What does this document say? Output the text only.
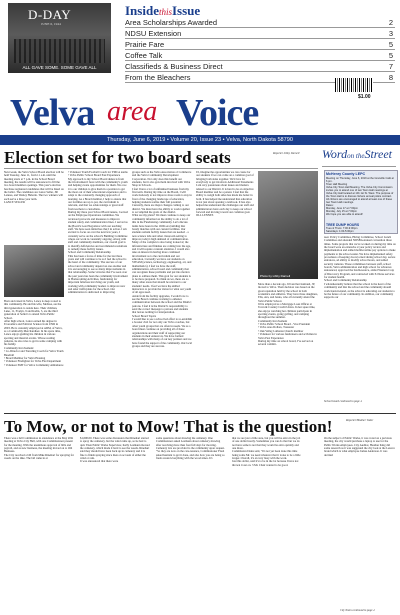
D-DAY
JUNE 6, 1944
ALL GAVE SOME. SOME GAVE ALL
InsidethisIssue
Area Scholarships Awarded	2
NDSU Extension	3
Prairie Fare	5
Coffee Talk	5
Classifieds & Business Direct	7
From the Bleachers	8
$1.00
Velva area Voice
Thursday, June 6, 2019 • Volume 20, Issue 23 • Velva, North Dakota 58790
Election set for two board seats	Reporter Libby Darnell
Next week, the Velva School Board election will be held Tuesday, June 11, from 11 a.m. until the meeting starts at 7 p.m. in the School Board meeting, the results will be announced to fill the two board member openings. This year's election has three registered candidates that will be listed on the ballot. The candidates are Lance Seller, Jill Lennes, and Wesley Haberle. The two winners will each serve a three year term.
LANCE SELLER
Born and raised in Velva, Lance is deep rooted to this community. He and his wife, Melissa, are the third generation to reside here. Their children, Luke, 11, Evelyn, 9 and Kadin, 3, are the third generation of Seller's to attend Velva Public School.
After high school, Lance earned his degree in Economics and Political Science from UND in 2003. He is currently employed at ADM, of Velva, as a Commodity Merchandiser. In his spare time, Lance enjoys guiding his children in various sporting and musical events. Whose reading patterns, he also tries to get in some camping with his family.
Community Involvement:
• Co-Director and Traveling Coach for Velva Youth Baseball
• Board Member for Velva Housing
• Volunteer Firefighter for Velva Fire Department
• Volunteer EMT for Velva Community Ambulance
• Volunteer Youth Football Coach for YMCA teams
• Velva Public School Board Past Experience
My approach to my School Board duties is from the involvement I have with the community's youth and helping create opportunities for them. We owe it to our children to give them in a position to get the most out of their educational experience and to adapt to the constantly changing approach of learning. As a Board member, I help to ensure that our facilities are up to par, the curriculum is relevant, and that we acknowledge or great staff from teachers to custodians.
During my three year School Board tenure, I served on the Employee Operations committee. We reviewed protocols and measures to improve student safety and communication lines. I served as the Board's Lead Negotiator with our teaching staff. We have seen initiatives that I in action. I am excited to focus on over the next few years, I currently serve on the school's Building Committee where our work is constantly ongoing. Along with staff and community members, our overall goal is to identify deficiencies and recommend resolutions to remedy these facility issues.
School and Community Relationship
This has been a focus of mine for the last three years and will continue to be as I feel the school is the heart of the community. The success of our school and community depend on one another and it is encouraging to see so many improvements in that relationship. Some victories that I've seen over the past years has been the community involvement in Homecoming Activities, fundraising for important fabulous involving our youth, and working with community leaders to improve new and safer trafficplans for the school. Our administration is dedicated to improving
groups such as the Velva Association of Commerce and the Velva Community Development Corporation. Not only does this benefit our students, but it also gets them involved with Velva Shop in Schools.
I feel I have a lot of unfinished business from my first term. During my time on the Board, I will work tirelessly to not improve more roads to stay in front of the changing landscape of education, helping students realize their full potential. Currently, there are major changes coming to our district. We must have the ability to work together to accomplish the goals of the district.
What are my plans? We must continue to keep our community informed on the ability to do a lot of this in the Fundraising community. Let's discuss items have been in the 1920s era building that barely matches with our current facilities. Our students remain facility issues that are needed - a new science labs and other classroom setting to improve today's high demand of communication. Many of the complex is also being looked at; the infrastructure and finishes are coming into the age, and it will require constant attention. I would also take an interest in having more continued involvement as to the curriculum and our education. Currently we have our students on STEAM (science, technology, engineering, art, and mathematics). I feel we have the staff, administration, school board and community that can recognize these problems and put into motion plans to address them. This goal for our students is to be more prepared. So think us we, there are so many other areas that should be relevant to our students' needs. I feel we have the skilled instructors to provide the vision for what our youth of all ages need.
Aside from the facility upgrades, I would love to see the Board continue working to enhance communication between the school and the District patrons. I feel it is the District's responsibility to send the correct message to patrons and students that leaves nothing for interpretation.
School Board Topics
I would like to see a school led effort to re-establish a booster club for not only our Velva coaches, but other youth groups that are often in needs. We as a board must continue on providing all of these organizations and their staff of supporting our students in their endeavors. We have formed relationships with many of our key partners and we have found the support of the community. Our local groups and they are success.
I'd, imagine the opportunities we can create for our students if we can come on a common goal of bringing both sides together. We'd love for everybody to get involved. Additional Statements
I am very passionate about issues and matters related to our District. It is hard to be an objective Board member and be a parent. I feel that the ability to weigh both sides has made me better in both. It has helped me understand that education is not just about opening a textbook. It has also helped me understand the challenges our staff and administrators have each day to keep our school forward and moving toward our common goal.
JILL LENNES
Photo by Libby Darnell
More than a decade ago, Jill and her husband, JP, moved to Velva. Their decision was based on the great reputation held by the school in both academics and athletics. They have three daughters, Ella, Ava, and Jenna, who all currently attend the Velva Public School.
Jill is employed as a Mortgage Loan Officer at Town & Country Credit Union. In her spare time, she enjoys watching her children participate in sporting events, going golfing, and camping throughout the summer.
Community Involvement
• Velva Public School Board - Vice President
• Velva Area Dollars, Treasurer
• Oak Valley Lutheran Church member
• Volunteer for various fundraisers and activities in Velva Past Experience
During my time on school board, I've served on several commit-
Wordon theStreet
McHenry County LEPC
Meeting on Thursday, June 6, 2019 at the Granville Café at 6 pm.
Town Hall Meeting
Velva City Town Hall Meeting. The Velva City Commission invites you to attend one of two Town Hall meetings at Velva City Hall located at 101 1st St. West. The purpose of the Town Hall is to discuss Velva's annual police contract. All citizens are encouraged to attend at least one of these two Town Hall meetings.
Dates:
Monday, June 17 at 7:00pm
Monday, July 15 at 7:00pm
We hope you are able to attend!
TREE DUMP HOURS
Tues & Thurs: 7:00-9:00pm
Saturdays: 1:00-5:00pm
tees: Policy Committee, Hiring Committee, School Lunch Committee and attended NDSBA Annual convention three times. Some projects that we've worked on during my time on the board were an extensive 2-year policy review and implementation and added mobile/online pay options to make payments to the school easier. We have implemented safety procedures of keeping doors locked during school day, secure entrances, ad ability to modify school hours, and added security cameras. These committees between staff, school boards, Velva administration and high school for advances announced, approved the bus Resource, added Western Corp of Discovery Program, and contracted with E-Nurse services for student health.
School and Community Relationship
I wholeheartedly believe that the school is the heart of the community and that the school and the community should work hand-in-hand, as the school is educating our students to be the future of our community. In addition, our community supports our
School board continued to page 4
To Mow, or not to Mow! That is the question!	Reporter/Heather Tudor
There was a full Commission in attendance at the May 20th meeting at Velva City Hall, with one Commissioner present for the meeting. With the unanimous approval of bills and payroll, and as new business, the meeting moved on to Old Business.
The City received a bill from Mike Rinehart for spraying for weeds on the dike. The bid came in at
$1,000.00. There was some discussion that Rinehart started to spray the cemetery, but the wind came up, so he had to quit. Then Public Works Supervisor, Kelly Lesmann mowed the cemetery, which made it hard to see the weeds. Rinehart said they should have been back up in cemetery and it is fine to finish spraying since then on account of either the wind or rain.
It was announced that there were
some questions about mowing the cemetery. One Commissioner asked Lesmann about cemetery mowing after receiving more than four full days for mowing. Cemetery lots are provided to the community upon request. "So they are now on the care-tenance, Commissioner Fried asked hesitant to get it done, and also how you are being so fresh around everything with the wood nines. It's
that we are just a little sure, but you will be extra in the job of one dollar hourly. Sometimes you can do that but we do not have some is not that they would be extra quickly and one more.
Commission Dales said, "It's not yet been done this time being some Mr. we need whatever that it looks to be a little longer. Overall, it's an very busy with the work.
Just this dollar, said it's to be in the lot because I have not thrown it out on. 3 Mr. Chair wanted to be good.
On the subject of Public Works, it was voted on a previous meeting, the city would purchase a laptop to use for the Public Works employees. City Auditor, Heather King did some research as it was suggested the city look at the Lenovo brand which is what employee James Anderson. It was decided
City Notes continued to page 4
